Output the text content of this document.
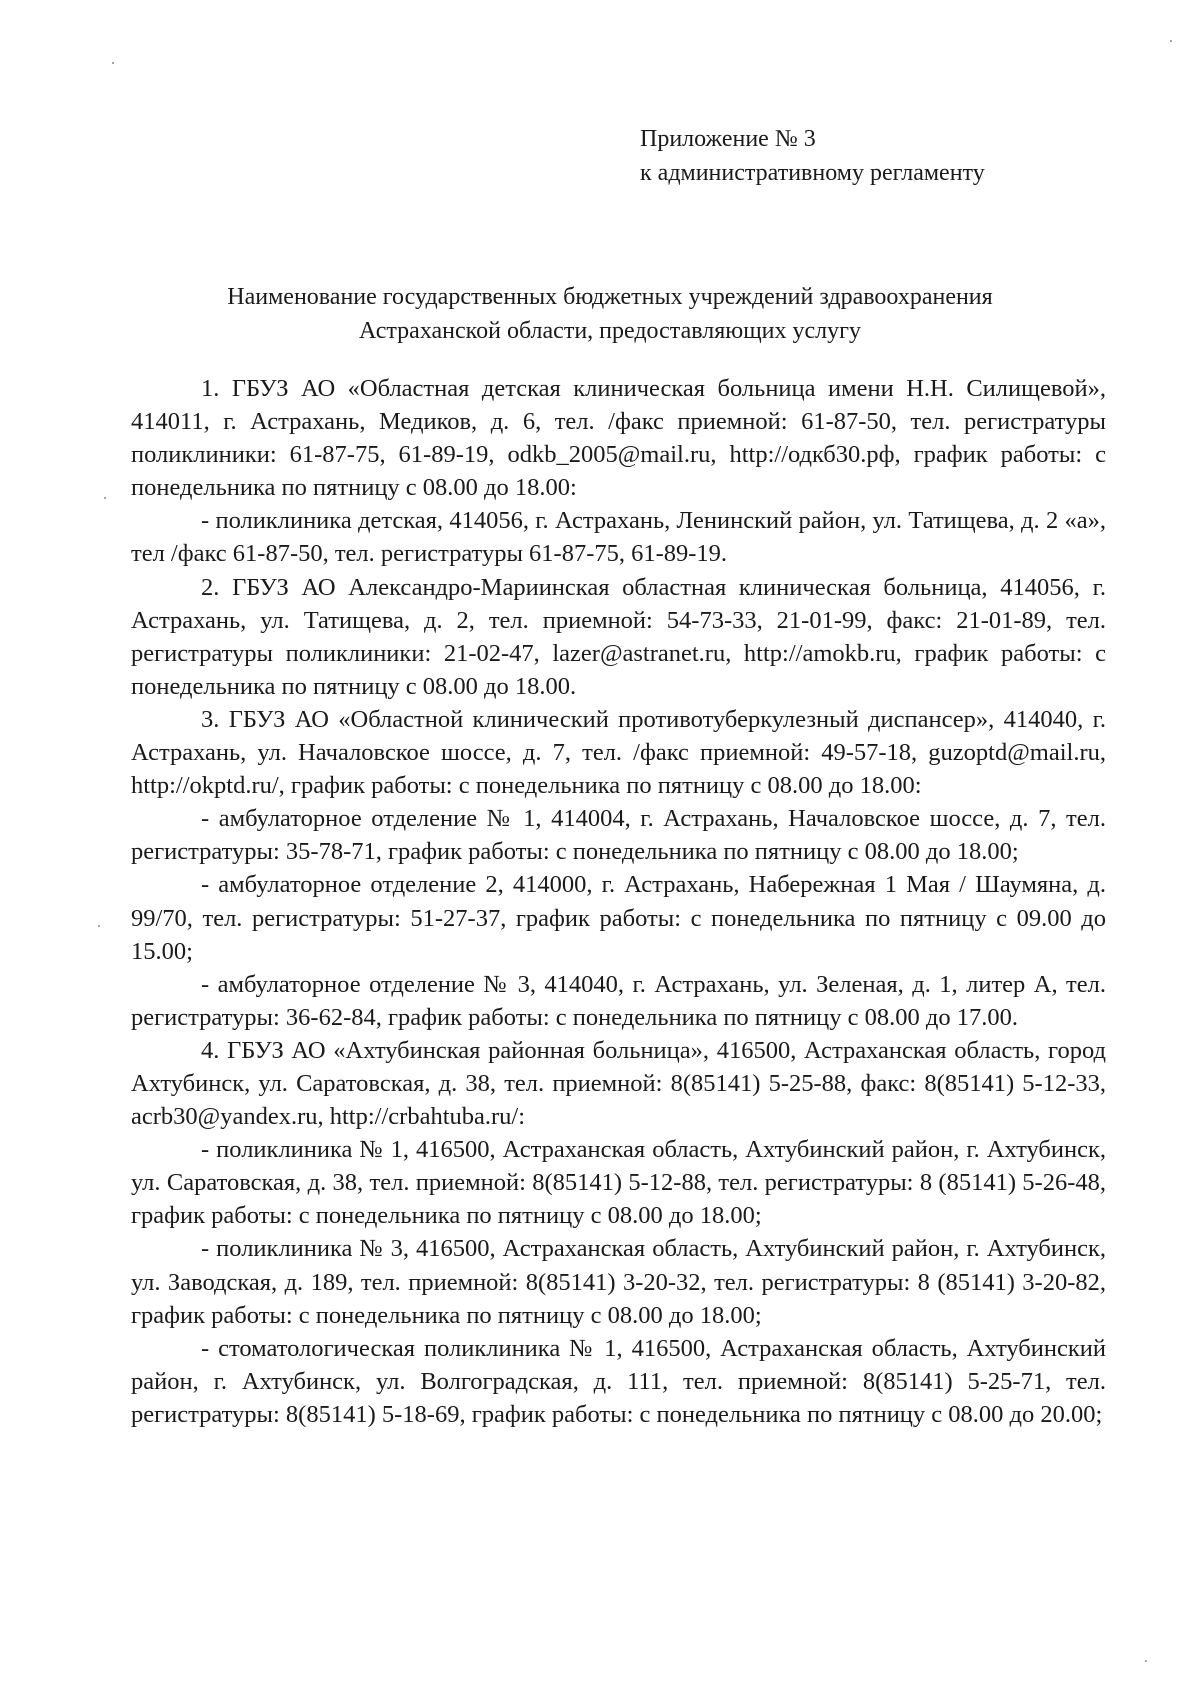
Приложение № 3
к административному регламенту
Наименование государственных бюджетных учреждений здравоохранения
Астраханской области, предоставляющих услугу

1. ГБУЗ АО «Областная детская клиническая больница имени Н.Н. Силищевой», 414011, г. Астрахань, Медиков, д. 6, тел. /факс приемной: 61-87-50, тел. регистратуры поликлиники: 61-87-75, 61-89-19, odkb_2005@mail.ru, http://одкб30.рф, график работы: с понедельника по пятницу с 08.00 до 18.00:

- поликлиника детская, 414056, г. Астрахань, Ленинский район, ул. Татищева, д. 2 «а», тел /факс 61-87-50, тел. регистратуры 61-87-75, 61-89-19.

2. ГБУЗ АО Александро-Мариинская областная клиническая больница, 414056, г. Астрахань, ул. Татищева, д. 2, тел. приемной: 54-73-33, 21-01-99, факс: 21-01-89, тел. регистратуры поликлиники: 21-02-47, lazer@astranet.ru, http://amokb.ru, график работы: с понедельника по пятницу с 08.00 до 18.00.

3. ГБУЗ АО «Областной клинический противотуберкулезный диспансер», 414040, г. Астрахань, ул. Началовское шоссе, д. 7, тел. /факс приемной: 49-57-18, guzoptd@mail.ru, http://okptd.ru/, график работы: с понедельника по пятницу с 08.00 до 18.00:

- амбулаторное отделение № 1, 414004, г. Астрахань, Началовское шоссе, д. 7, тел. регистратуры: 35-78-71, график работы: с понедельника по пятницу с 08.00 до 18.00;

- амбулаторное отделение 2, 414000, г. Астрахань, Набережная 1 Мая / Шаумяна, д. 99/70, тел. регистратуры: 51-27-37, график работы: с понедельника по пятницу с 09.00 до 15.00;

- амбулаторное отделение № 3, 414040, г. Астрахань, ул. Зеленая, д. 1, литер А, тел. регистратуры: 36-62-84, график работы: с понедельника по пятницу с 08.00 до 17.00.

4. ГБУЗ АО «Ахтубинская районная больница», 416500, Астраханская область, город Ахтубинск, ул. Саратовская, д. 38, тел. приемной: 8(85141) 5-25-88, факс: 8(85141) 5-12-33, acrb30@yandex.ru, http://crbahtuba.ru/:

- поликлиника № 1, 416500, Астраханская область, Ахтубинский район, г. Ахтубинск, ул. Саратовская, д. 38, тел. приемной: 8(85141) 5-12-88, тел. регистратуры: 8 (85141) 5-26-48, график работы: с понедельника по пятницу с 08.00 до 18.00;

- поликлиника № 3, 416500, Астраханская область, Ахтубинский район, г. Ахтубинск, ул. Заводская, д. 189, тел. приемной: 8(85141) 3-20-32, тел. регистратуры: 8 (85141) 3-20-82, график работы: с понедельника по пятницу с 08.00 до 18.00;

- стоматологическая поликлиника № 1, 416500, Астраханская область, Ахтубинский район, г. Ахтубинск, ул. Волгоградская, д. 111, тел. приемной: 8(85141) 5-25-71, тел. регистратуры: 8(85141) 5-18-69, график работы: с понедельника по пятницу с 08.00 до 20.00;
